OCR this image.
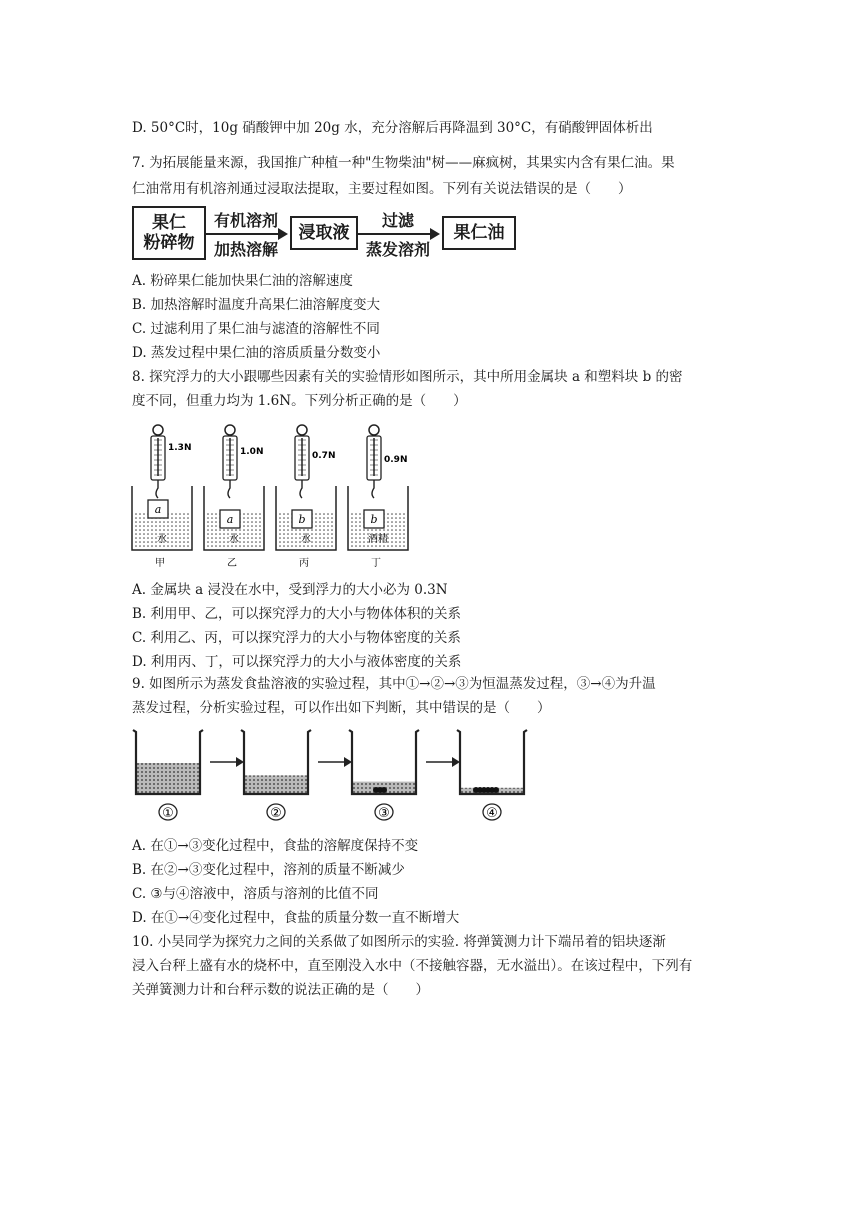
D. 50°C时，10g 硝酸钾中加 20g 水，充分溶解后再降温到 30°C，有硝酸钾固体析出
7. 为拓展能量来源，我国推广种植一种"生物柴油"树——麻疯树，其果实内含有果仁油。果
仁油常用有机溶剂通过浸取法提取，主要过程如图。下列有关说法错误的是（　　）
果仁
粉碎物
有机溶剂
加热溶解
浸取液
过滤
蒸发溶剂
果仁油
A. 粉碎果仁能加快果仁油的溶解速度
B. 加热溶解时温度升高果仁油溶解度变大
C. 过滤利用了果仁油与滤渣的溶解性不同
D. 蒸发过程中果仁油的溶质质量分数变小
8. 探究浮力的大小跟哪些因素有关的实验情形如图所示，其中所用金属块 a 和塑料块 b 的密
度不同，但重力均为 1.6N。下列分析正确的是（　　）
1.3N
a
水
甲
1.0N
a
水
乙
0.7N
b
水
丙
0.9N
b
酒精
丁
A. 金属块 a 浸没在水中，受到浮力的大小必为 0.3N
B. 利用甲、乙，可以探究浮力的大小与物体体积的关系
C. 利用乙、丙，可以探究浮力的大小与物体密度的关系
D. 利用丙、丁，可以探究浮力的大小与液体密度的关系
9. 如图所示为蒸发食盐溶液的实验过程，其中①→②→③为恒温蒸发过程，③→④为升温
蒸发过程，分析实验过程，可以作出如下判断，其中错误的是（　　）
①	②	③	④
A. 在①→③变化过程中，食盐的溶解度保持不变
B. 在②→③变化过程中，溶剂的质量不断减少
C. ③与④溶液中，溶质与溶剂的比值不同
D. 在①→④变化过程中，食盐的质量分数一直不断增大
10. 小吴同学为探究力之间的关系做了如图所示的实验. 将弹簧测力计下端吊着的铝块逐渐
浸入台秤上盛有水的烧杯中，直至刚没入水中（不接触容器，无水溢出）。在该过程中，下列有
关弹簧测力计和台秤示数的说法正确的是（　　）
